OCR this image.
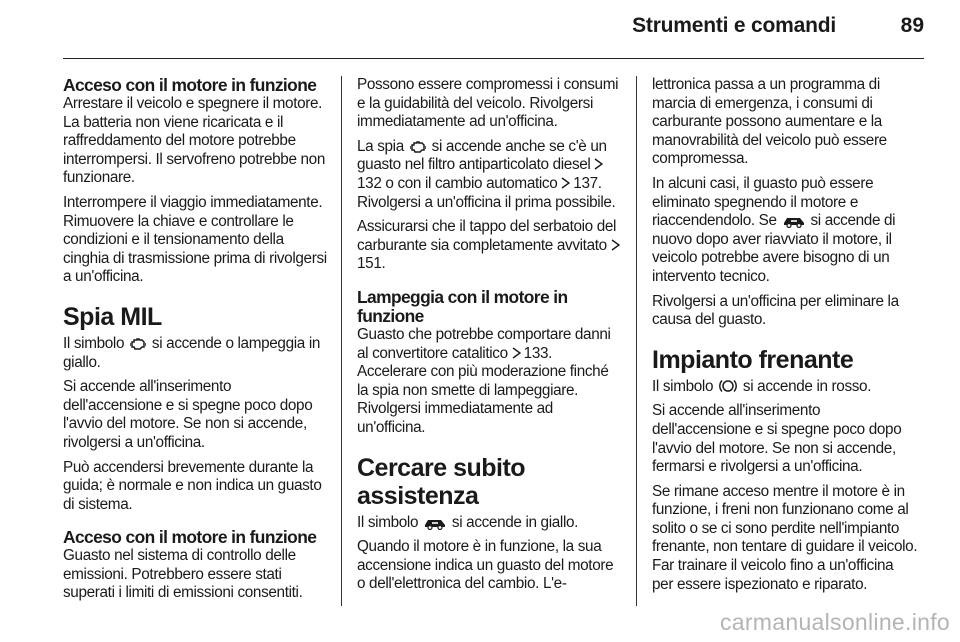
Strumenti e comandi	89
Acceso con il motore in funzione

Arrestare il veicolo e spegnere il motore. La batteria non viene ricaricata e il raffreddamento del motore potrebbe interrompersi. Il servofreno potrebbe non funzionare.

Interrompere il viaggio immediatamente. Rimuovere la chiave e controllare le condizioni e il tensionamento della cinghia di trasmissione prima di rivolgersi a un'officina.

Spia MIL

Il simbolo  si accende o lampeggia in giallo.

Si accende all'inserimento dell'accensione e si spegne poco dopo l'avvio del motore. Se non si accende, rivolgersi a un'officina.

Può accendersi brevemente durante la guida; è normale e non indica un guasto di sistema.

Acceso con il motore in funzione

Guasto nel sistema di controllo delle emissioni. Potrebbero essere stati superati i limiti di emissioni consentiti.

Possono essere compromessi i consumi e la guidabilità del veicolo. Rivolgersi immediatamente ad un'officina.

La spia  si accende anche se c'è un guasto nel filtro antiparticolato diesel 132 o con il cambio automatico 137. Rivolgersi a un'officina il prima possibile.

Assicurarsi che il tappo del serbatoio del carburante sia completamente avvitato 151.

Lampeggia con il motore in funzione

Guasto che potrebbe comportare danni al convertitore catalitico 133. Accelerare con più moderazione finché la spia non smette di lampeggiare. Rivolgersi immediatamente ad un'officina.

Cercare subito assistenza

Il simbolo  si accende in giallo.

Quando il motore è in funzione, la sua accensione indica un guasto del motore o dell'elettronica del cambio. L'e-

lettronica passa a un programma di marcia di emergenza, i consumi di carburante possono aumentare e la manovrabilità del veicolo può essere compromessa.

In alcuni casi, il guasto può essere eliminato spegnendo il motore e riaccendendolo. Se  si accende di nuovo dopo aver riavviato il motore, il veicolo potrebbe avere bisogno di un intervento tecnico.

Rivolgersi a un'officina per eliminare la causa del guasto.

Impianto frenante

Il simbolo  si accende in rosso.

Si accende all'inserimento dell'accensione e si spegne poco dopo l'avvio del motore. Se non si accende, fermarsi e rivolgersi a un'officina.

Se rimane acceso mentre il motore è in funzione, i freni non funzionano come al solito o se ci sono perdite nell'impianto frenante, non tentare di guidare il veicolo. Far trainare il veicolo fino a un'officina per essere ispezionato e riparato.

carmanualsonline.info
